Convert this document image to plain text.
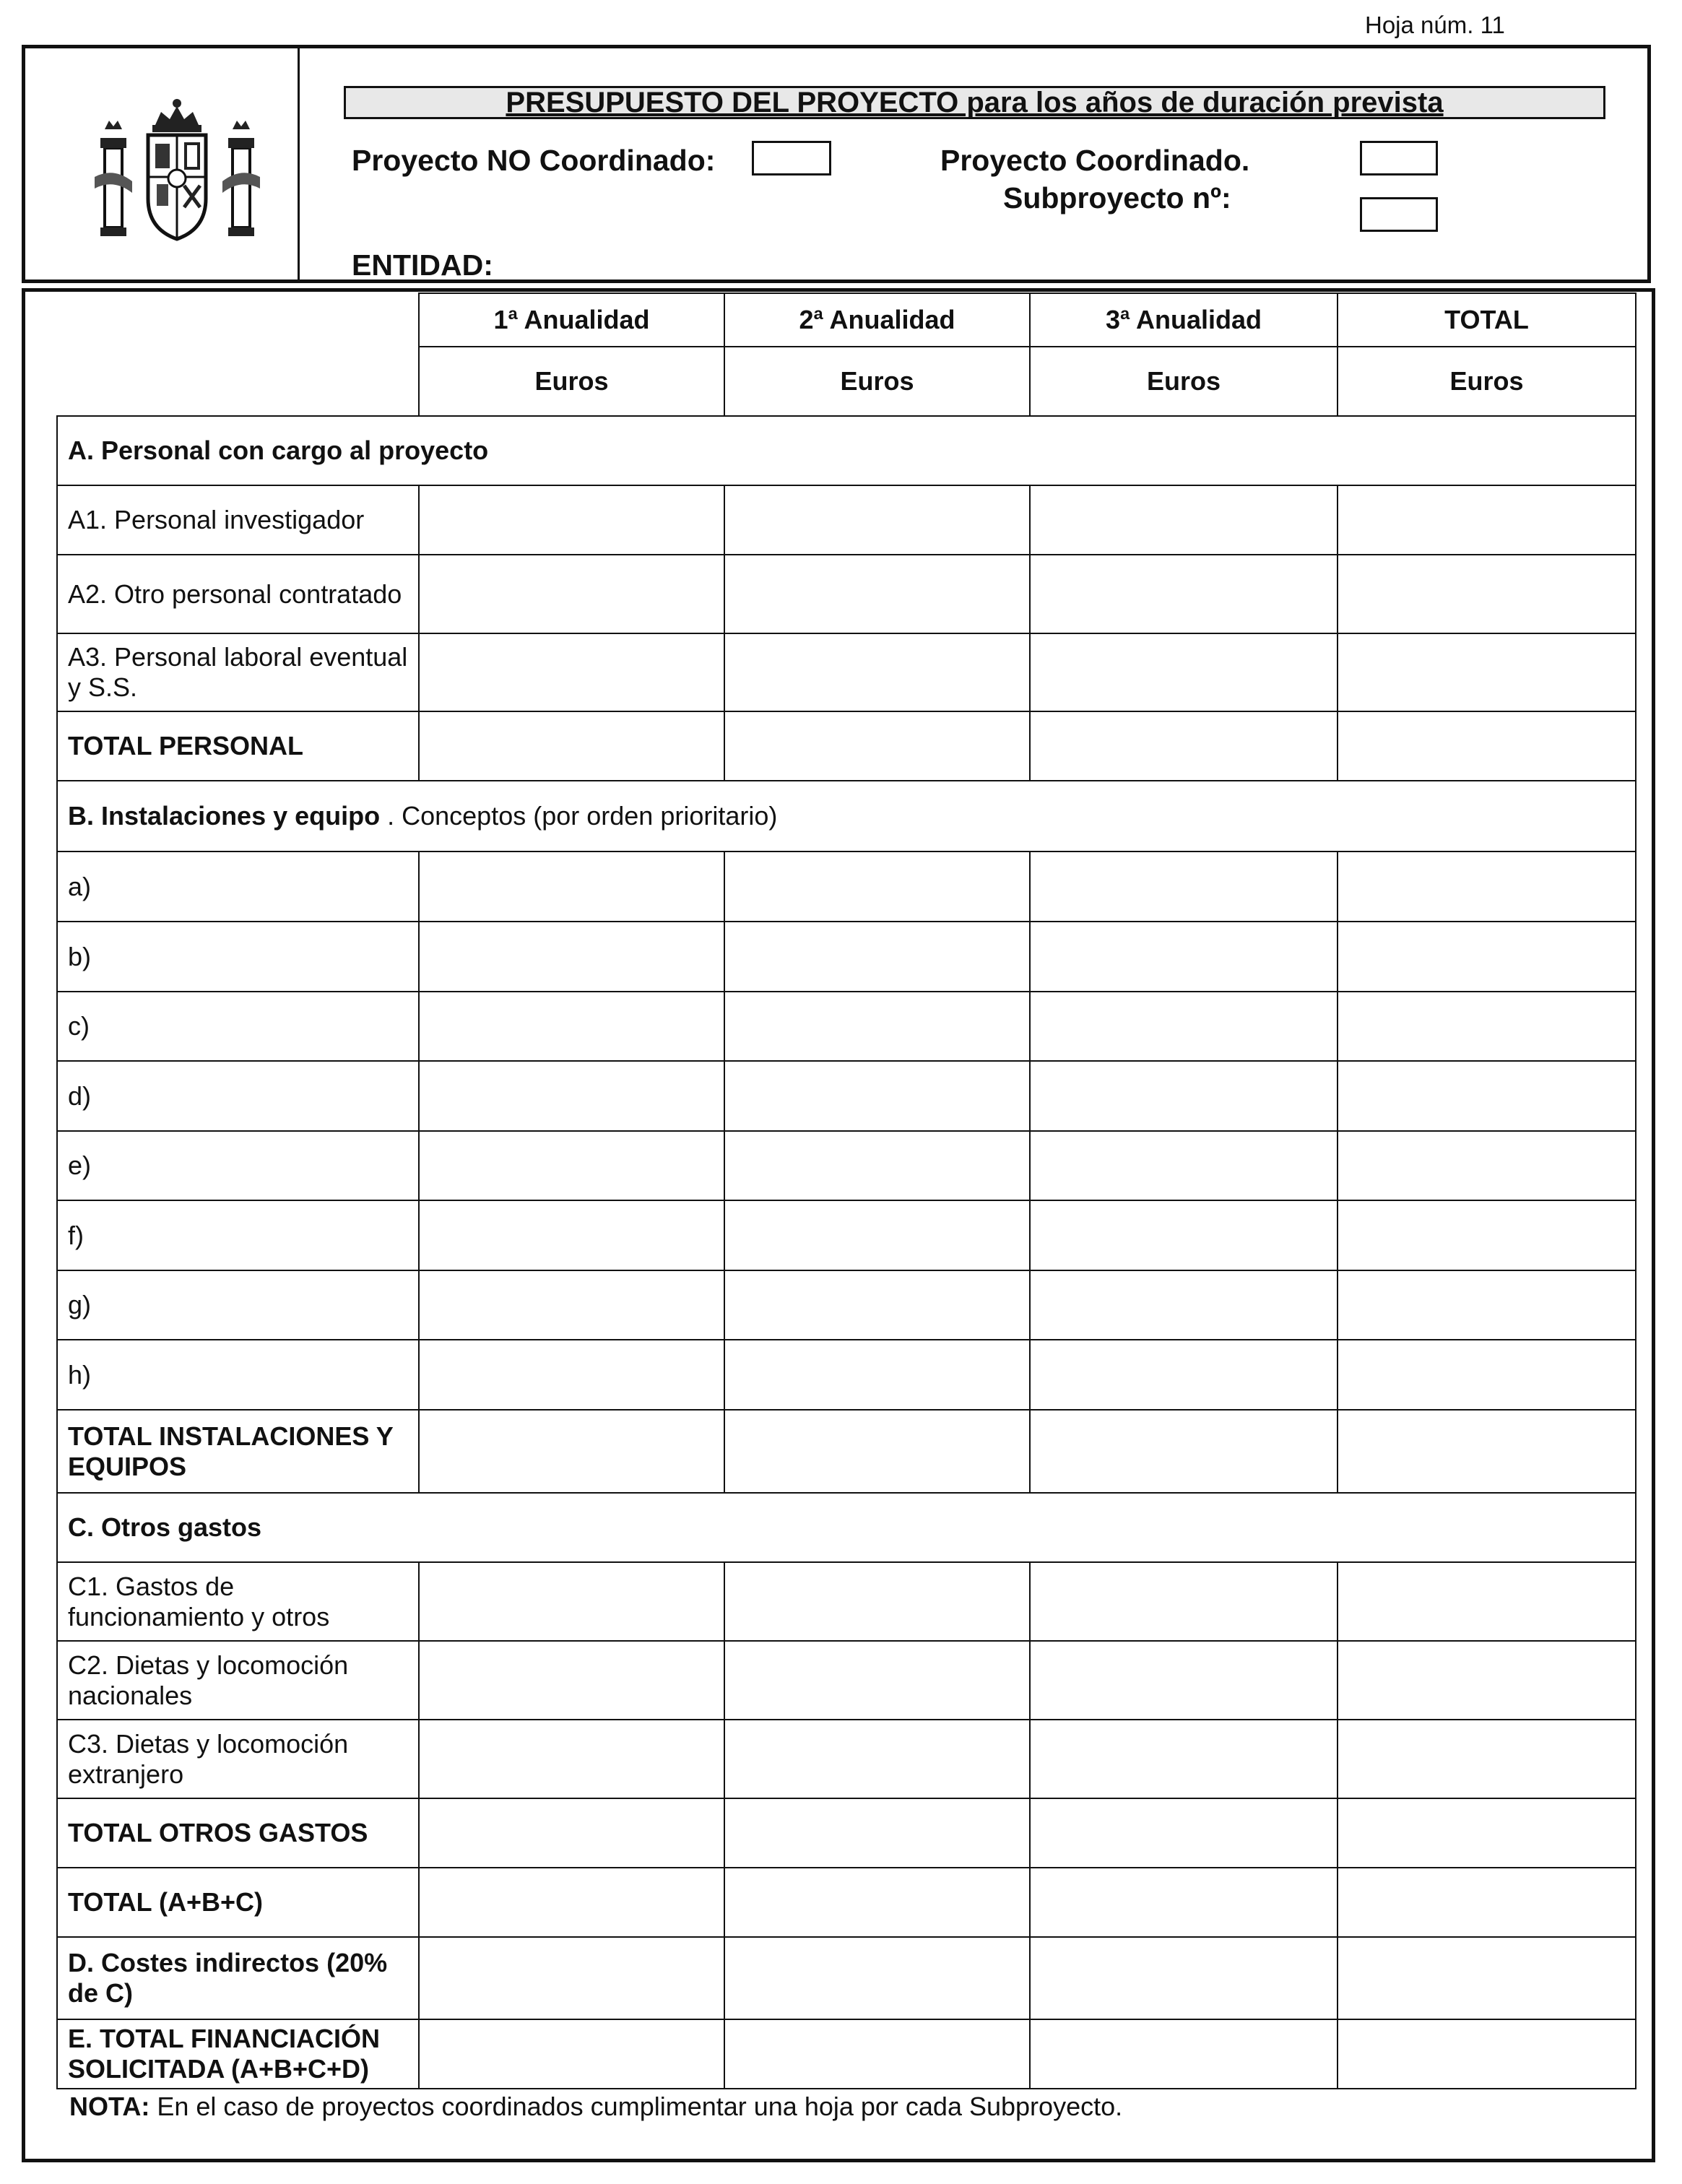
Hoja núm. 11
PRESUPUESTO DEL PROYECTO para los años de duración prevista
Proyecto NO Coordinado:	Proyecto Coordinado.
Subproyecto nº:
ENTIDAD:
	1ª Anualidad	2ª Anualidad	3ª Anualidad	TOTAL
	Euros	Euros	Euros	Euros
A. Personal con cargo al proyecto				
A1. Personal investigador				
A2. Otro personal contratado				
A3. Personal laboral eventual y S.S.				
TOTAL PERSONAL				
B. Instalaciones y equipo . Conceptos (por orden prioritario)				
a)				
b)				
c)				
d)				
e)				
f)				
g)				
h)				
TOTAL INSTALACIONES Y EQUIPOS				
C. Otros gastos				
C1. Gastos de funcionamiento y otros				
C2. Dietas y locomoción nacionales				
C3. Dietas y locomoción extranjero				
TOTAL OTROS GASTOS				
TOTAL (A+B+C)				
D. Costes indirectos (20% de C)				
E. TOTAL FINANCIACIÓN SOLICITADA (A+B+C+D)				
NOTA: En el caso de proyectos coordinados cumplimentar una hoja por cada Subproyecto.
